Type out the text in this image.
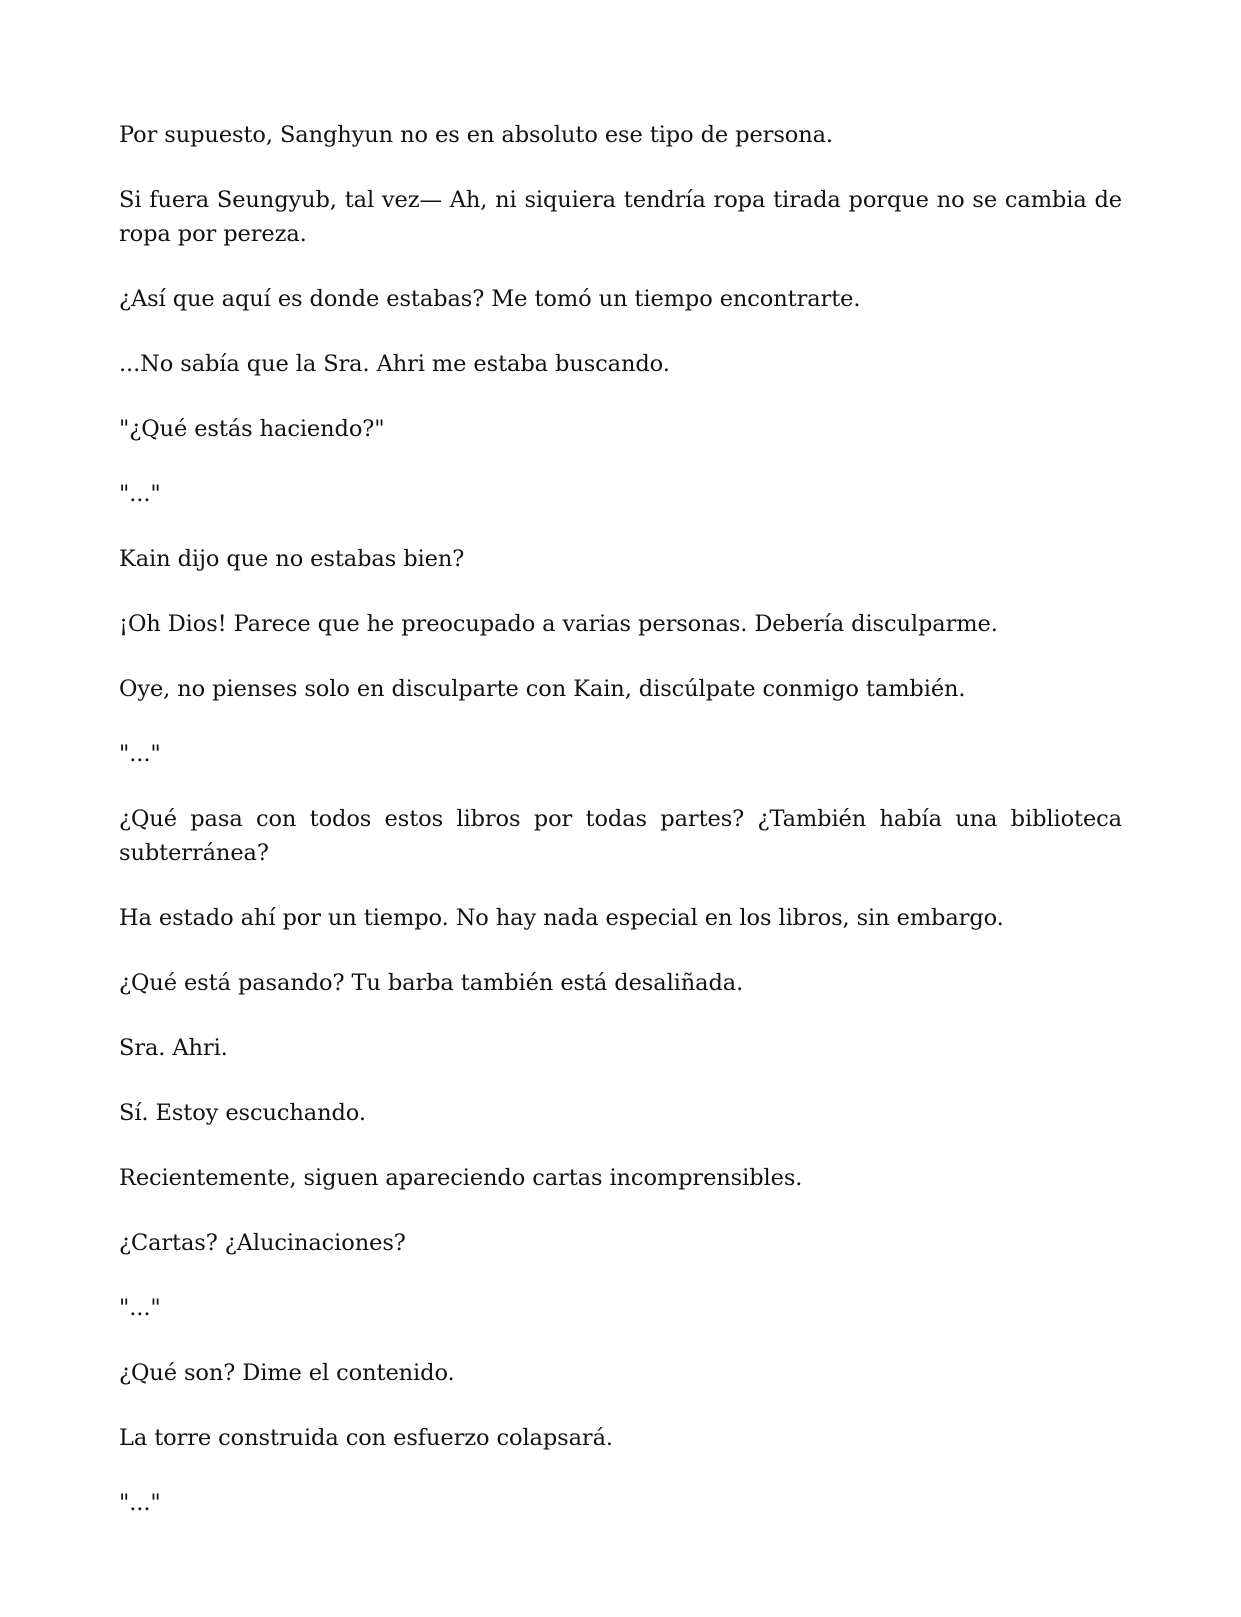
Por supuesto, Sanghyun no es en absoluto ese tipo de persona.

Si fuera Seungyub, tal vez— Ah, ni siquiera tendría ropa tirada porque no se cambia de ropa por pereza.

¿Así que aquí es donde estabas? Me tomó un tiempo encontrarte.

...No sabía que la Sra. Ahri me estaba buscando.

"¿Qué estás haciendo?"

"..."

Kain dijo que no estabas bien?

¡Oh Dios! Parece que he preocupado a varias personas. Debería disculparme.

Oye, no pienses solo en disculparte con Kain, discúlpate conmigo también.

"..."

¿Qué pasa con todos estos libros por todas partes? ¿También había una biblioteca subterránea?

Ha estado ahí por un tiempo. No hay nada especial en los libros, sin embargo.

¿Qué está pasando? Tu barba también está desaliñada.

Sra. Ahri.

Sí. Estoy escuchando.

Recientemente, siguen apareciendo cartas incomprensibles.

¿Cartas? ¿Alucinaciones?

"..."

¿Qué son? Dime el contenido.

La torre construida con esfuerzo colapsará.

"..."
